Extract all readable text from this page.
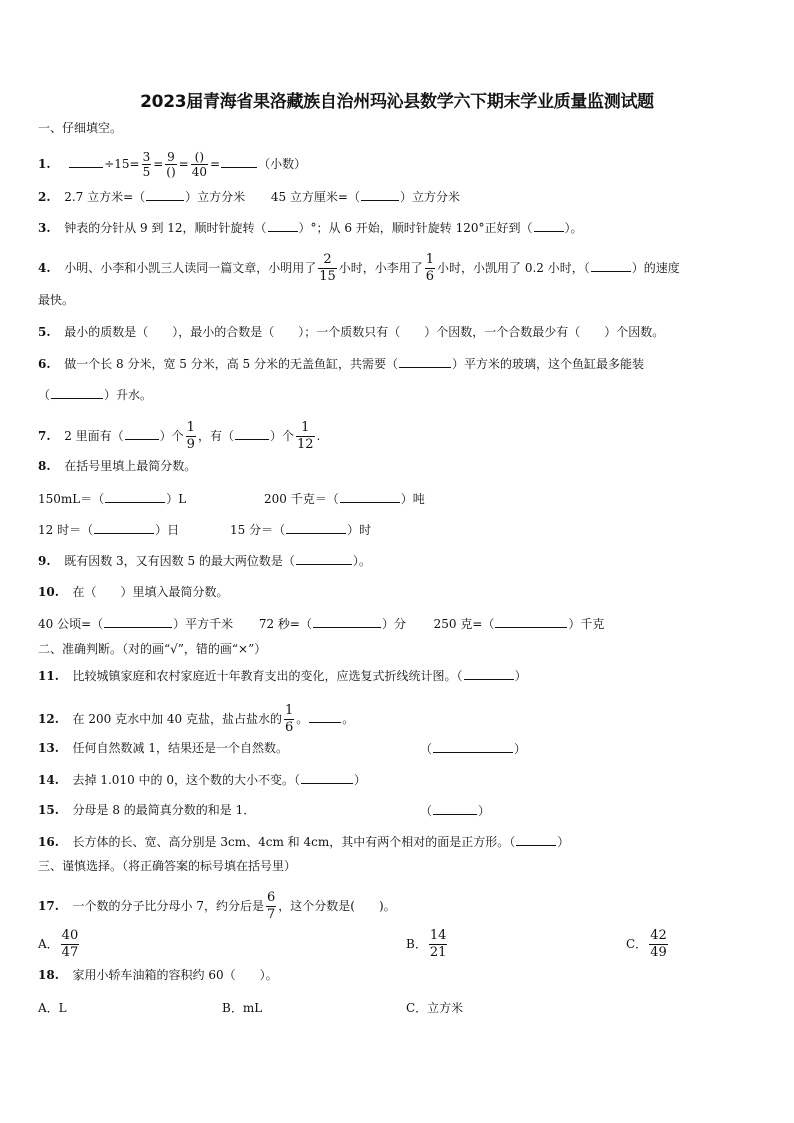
2023届青海省果洛藏族自治州玛沁县数学六下期末学业质量监测试题
一、仔细填空。
1.	$\div 15= \frac{3}{5} = \frac{9}{()} = \frac{()}{40}$ =	（小数）
2. 2.7 立方米=（	）立方分米 45 立方厘米=（	）立方分米
3. 钟表的分针从 9 到 12，顺时针旋转（	）°；从 6 开始，顺时针旋转 120°正好到（	）。
4. 小明、小李和小凯三人读同一篇文章，小明用了 $\frac{2}{15}$ 小时，小李用了 $\frac{1}{6}$ 小时，小凯用了 0.2 小时，（	）的速度
最快。
5. 最小的质数是（　　），最小的合数是（　　）；一个质数只有（　　）个因数，一个合数最少有（　　）个因数。
6. 做一个长 8 分米，宽 5 分米，高 5 分米的无盖鱼缸，共需要（	）平方米的玻璃，这个鱼缸最多能装
（	）升水。
7. 2 里面有（	）个 $\frac{1}{9}$ ，有（	）个 $\frac{1}{12}$ .
8. 在括号里填上最简分数。
150mL＝（	）L	200 千克＝（	）吨
12 时＝（	）日	15 分＝（	）时
9. 既有因数 3，又有因数 5 的最大两位数是（	）。
10. 在（　　）里填入最简分数。
40 公顷=（	）平方千米 72 秒=（	）分 250 克=（	）千克
二、准确判断。（对的画“√”，错的画“×”）
11. 比较城镇家庭和农村家庭近十年教育支出的变化，应选复式折线统计图。（	）
12. 在 200 克水中加 40 克盐，盐占盐水的 $\frac{1}{6}$ 。	。
13. 任何自然数减 1，结果还是一个自然数。	（	）
14. 去掉 1.010 中的 0，这个数的大小不变。（	）
15. 分母是 8 的最简真分数的和是 1．	（	）
16. 长方体的长、宽、高分别是 3cm、4cm 和 4cm，其中有两个相对的面是正方形。（	）
三、谨慎选择。（将正确答案的标号填在括号里）
17. 一个数的分子比分母小 7，约分后是 $\frac{6}{7}$ ，这个分数是(　　)。
A． $\frac{40}{47}$	B． $\frac{14}{21}$	C． $\frac{42}{49}$
18. 家用小轿车油箱的容积约 60（　　）。
A．L	B．mL	C．立方米
